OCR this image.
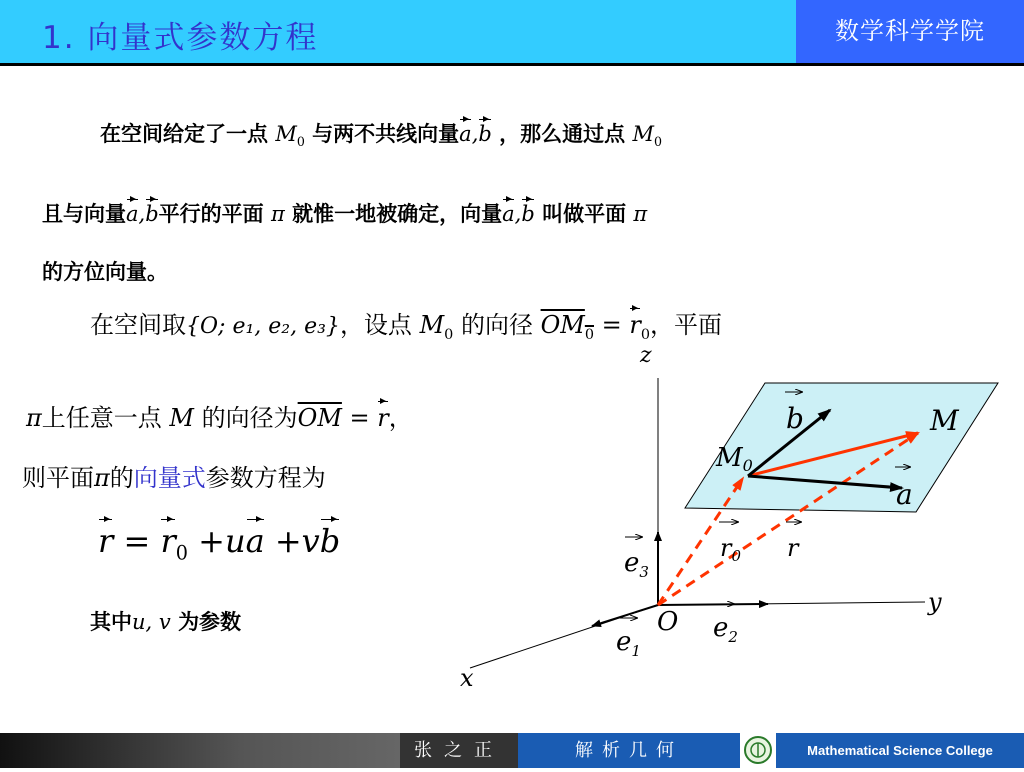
1. 向量式参数方程	数学科学学院
在空间给定了一点 $M_0$ 与两不共线向量a,b ，那么通过点 $M_0$
且与向量a,b平行的平面 π 就惟一地被确定，向量a,b 叫做平面 π
的方位向量。
在空间取{O; e₁, e₂, e₃}，设点 $M_0$ 的向径 $OM_0 = r_0$，平面
π上任意一点 M 的向径为$\overline{OM} = r$，
则平面π的向量式参数方程为
$r = r_0 +ua +vb$
其中u, v 为参数
z
y
x
O
b	M
M0
a
$r_0$ r
$e_3$
$e_2$
$e_1$
张之正	解析几何	Mathematical Science College
